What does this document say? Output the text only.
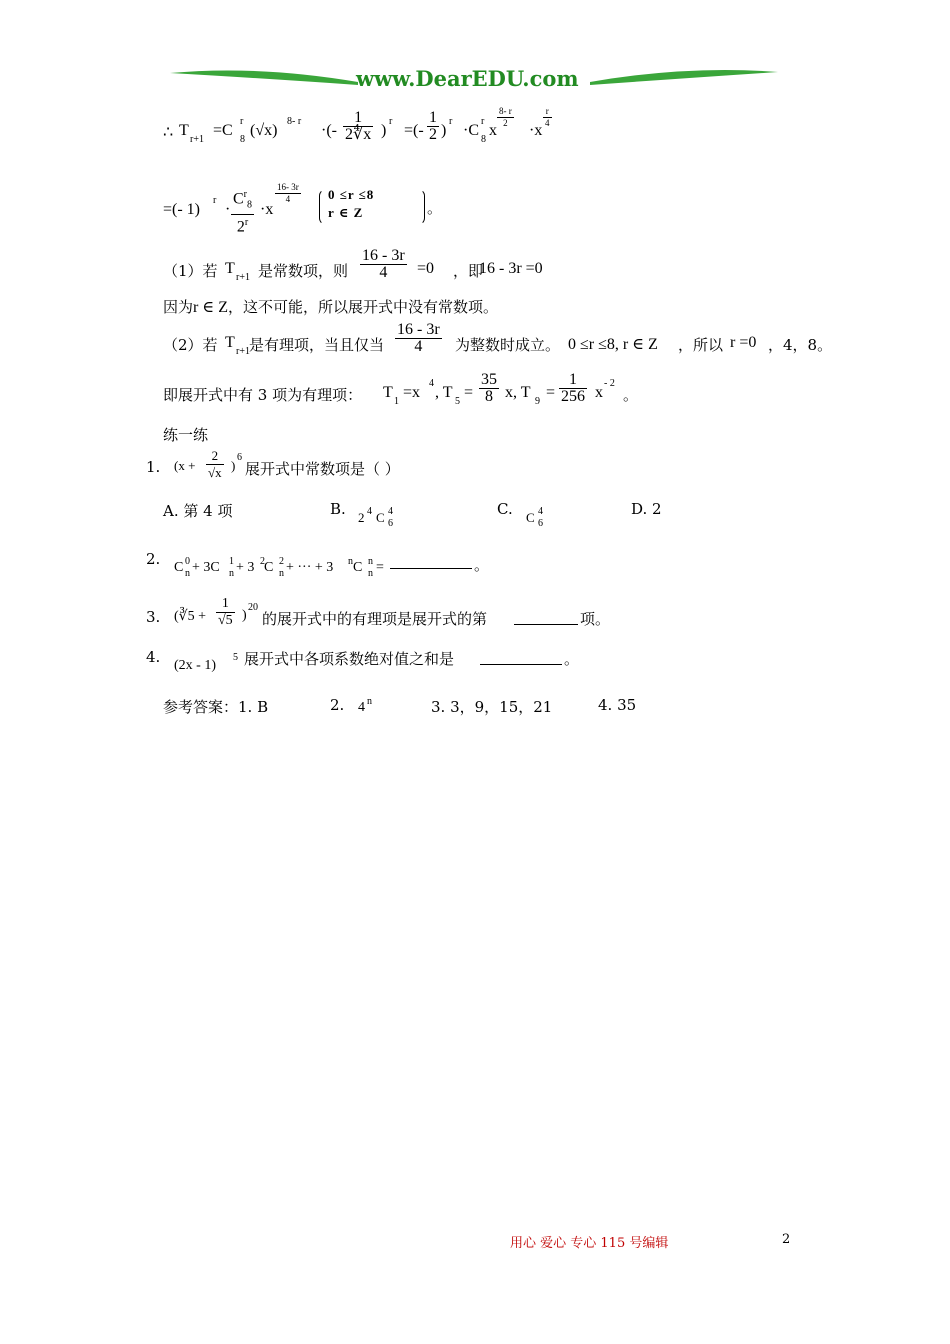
www.DearEDU.com
∴ T
r+1
=C
r
8
(√x)
8- r
·(- $\frac{1}{2∜x}$ )
r
=(- $\frac{1}{2}$ )
r
·C
r
8
x
$\frac{8- r}{2}$
·x
$\frac{r}{4}$
=(- 1)
r
· $\frac{C^r_8}{2^r} \cdot x$
$\frac{16- 3r}{4} 0 \le r \le 8$
r ∈ Z	。
（1）若 T
r+1 是常数项，则 $\frac{16 - 3r}{4} =0$ ，即
16 - 3r =0
因为r ∈ Z，这不可能，所以展开式中没有常数项。
（2）若 T
r+1 是有理项，当且仅当 $\frac{16 - 3r}{4}$ 为整数时成立。 0 ≤r ≤8, r ∈ Z ，所以 r =0 ，4，8。
即展开式中有 3 项为有理项： T
1
=x
4
, T
5
= $\frac{35}{8} x$, T
9
= $\frac{1}{256}$ x
- 2
。
练一练
1. ($x + \frac{2}{√x}$ )
6
展开式中常数项是（ ）
A. 第 4 项	B. 2 4 C 4
6
C. C 4
6
D. 2
2. C 0
n + 3C 1
n + 3 2 C 2
n + ··· + 3 n C n
n =	。
3. (∛5 + $\frac{1}{√5}$ )
20
的展开式中的有理项是展开式的第	项。
4. (2x - 1)
5 展开式中各项系数绝对值之和是	。
参考答案：1. B	2. 4 n	3. 3，9，15，21	4. 35
用心 爱心 专心 115 号编辑	2
